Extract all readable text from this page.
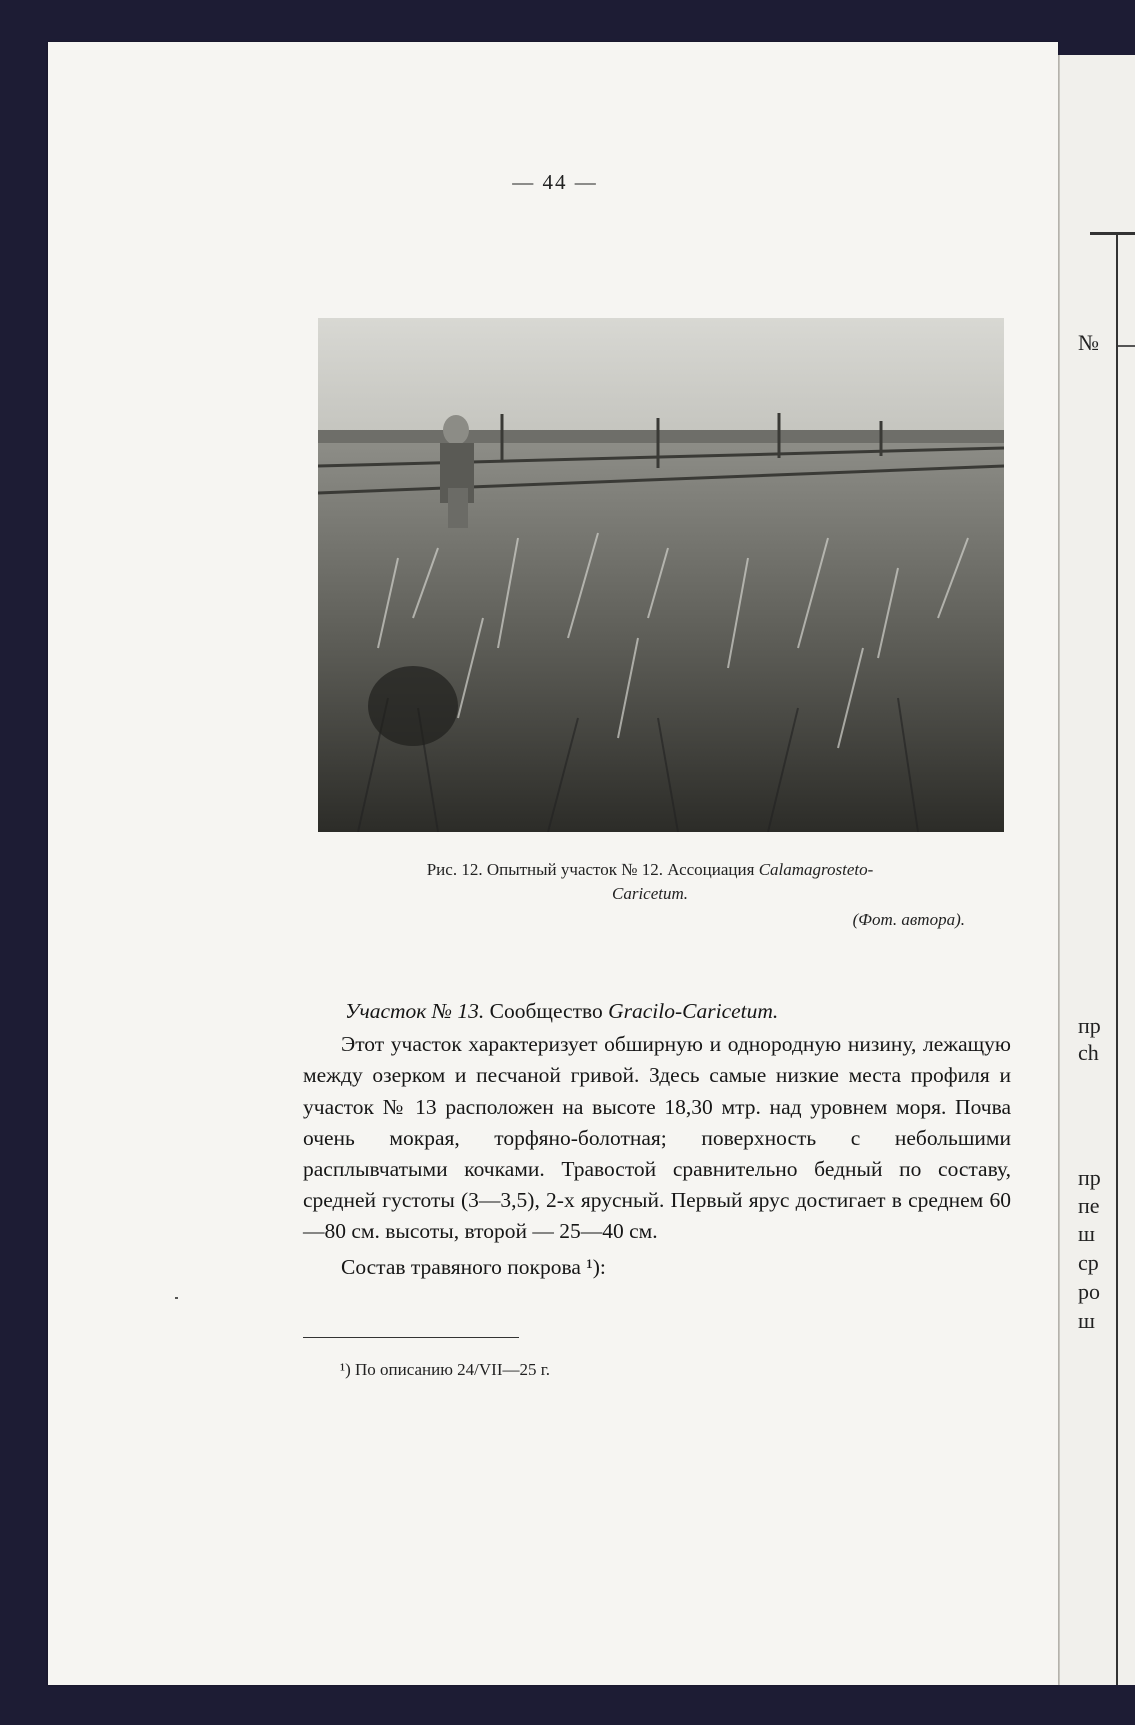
№
пр
ch
пр
пе
ш
ср
ро
ш
— 44 —
Рис. 12. Опытный участок № 12. Ассоциация Calamagrosteto-
Caricetum.
(Фот. автора).

Участок № 13. Сообщество Gracilo-Caricetum.

Этот участок характеризует обширную и однородную низину, лежащую между озерком и песчаной гривой. Здесь самые низкие места профиля и участок № 13 расположен на высоте 18,30 мтр. над уровнем моря. Почва очень мокрая, торфяно-болотная; поверхность с небольшими расплывчатыми кочками. Травостой сравнительно бедный по составу, средней густоты (3—3,5), 2-х ярусный. Первый ярус достигает в среднем 60—80 см. высоты, второй — 25—40 см.

Состав травяного покрова ¹):

¹) По описанию 24/VII—25 г.
